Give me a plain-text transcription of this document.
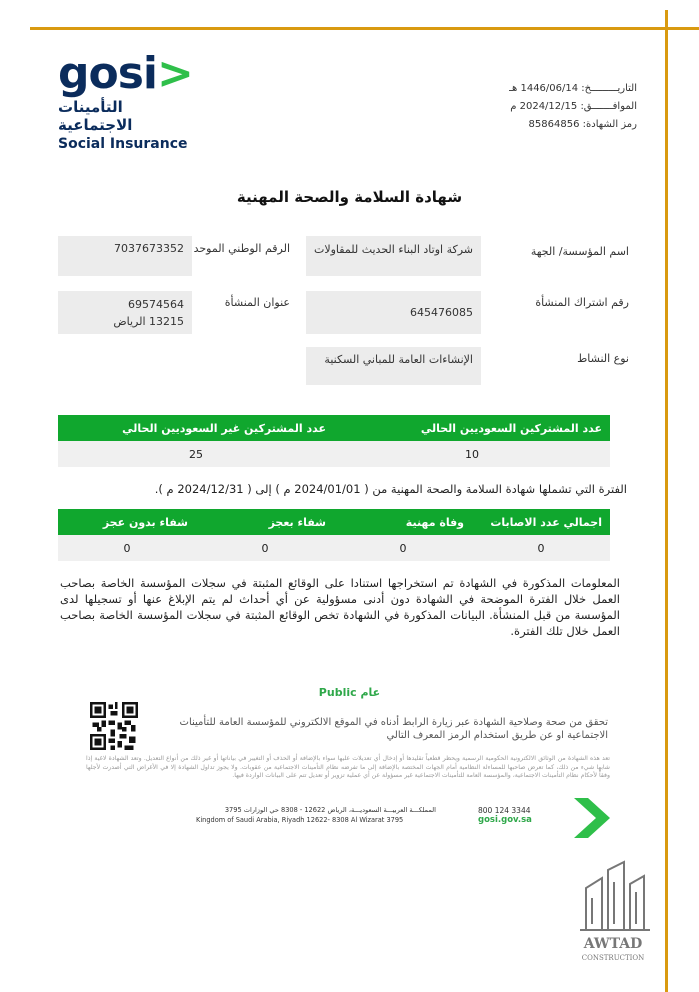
gosi>
التأمينات الاجتماعية
Social Insurance
التاريـــــــــخ: 1446/06/14 هـ
الموافـــــــق: 2024/12/15 م
رمز الشهادة: 85864856
شهادة السلامة والصحة المهنية
اسم المؤسسة/ الجهة
شركة اوتاد البناء الحديث للمقاولات
الرقم الوطني الموحد
7037673352
رقم اشتراك المنشأة
645476085
عنوان المنشأة
69574564
13215 الرياض
نوع النشاط
الإنشاءات العامة للمباني السكنية
عدد المشتركين السعوديين الحالي	عدد المشتركين غير السعوديين الحالي
10	25
الفترة التي تشملها شهادة السلامة والصحة المهنية من ( 2024/01/01 م ) إلى ( 2024/12/31 م ).
اجمالي عدد الاصابات	وفاة مهنية	شفاء بعجز	شفاء بدون عجز
0	0	0	0
المعلومات المذكورة في الشهادة تم استخراجها استنادا على الوقائع المثبتة في سجلات المؤسسة الخاصة بصاحب العمل خلال الفترة الموضحة في الشهادة دون أدنى مسؤولية عن أي أحداث لم يتم الإبلاغ عنها أو تسجيلها لدى المؤسسة من قبل المنشأة. البيانات المذكورة في الشهادة تخص الوقائع المثبتة في سجلات المؤسسة الخاصة بصاحب العمل خلال تلك الفترة.
Public عام
تحقق من صحة وصلاحية الشهادة عبر زيارة الرابط أدناه في الموقع الالكتروني للمؤسسة العامة للتأمينات الاجتماعية او عن طريق استخدام الرمز المعرف التالي
تعد هذه الشهادة من الوثائق الالكترونية الحكومية الرسمية ويحظر قطعياً تقليدها أو إدخال أي تعديلات عليها سواء بالإضافة أو الحذف أو التغيير في بياناتها أو غير ذلك من أنواع التعديل. وتعد الشهادة لاغية إذا شابها شيء من ذلك، كما تعرض صاحبها للمساءلة النظامية أمام الجهات المختصة بالإضافة إلى ما تفرضه نظام التأمينات الاجتماعية من عقوبات. ولا يجوز تداول الشهادة إلا في الأغراض التي أصدرت لأجلها وفقاً لأحكام نظام التأمينات الاجتماعية، والمؤسسة العامة للتأمينات الاجتماعية غير مسؤولة عن أي عملية تزوير أو تعديل تتم على البيانات الواردة فيها.
المملكـــة العربيـــة السعوديـــة، الرياض 12622 - 8308 حي الوزارات 3795
Kingdom of Saudi Arabia, Riyadh 12622- 8308 Al Wizarat 3795
800 124 3344
gosi.gov.sa
AWTAD
CONSTRUCTION
